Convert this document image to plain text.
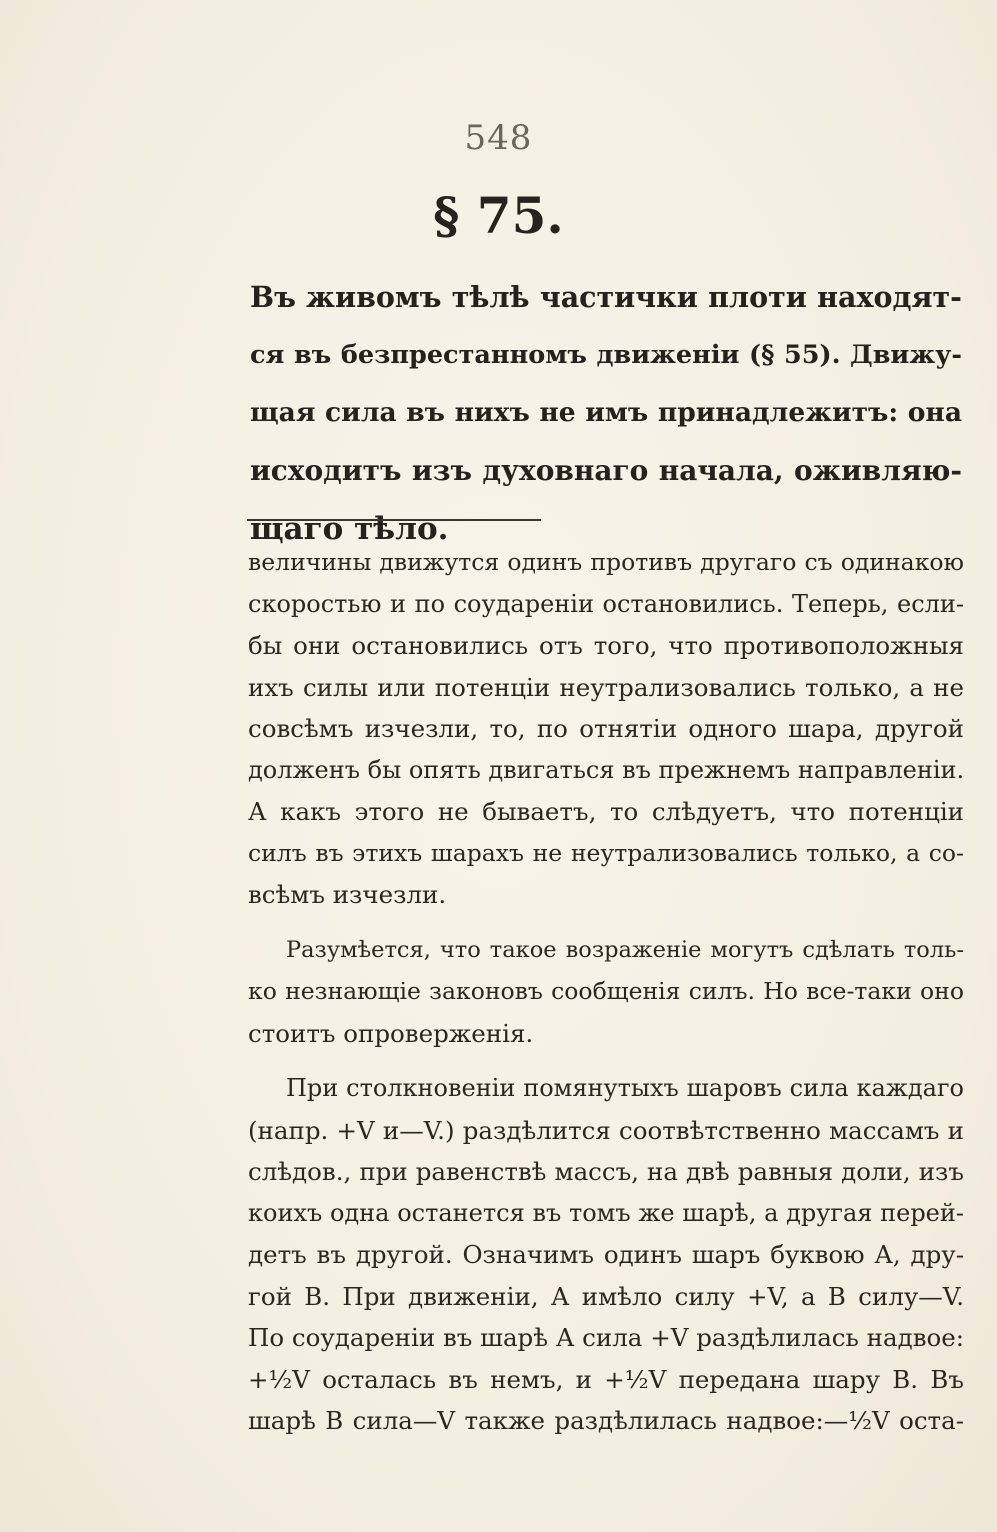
548
§ 75.
Въ живомъ тѣлѣ частички плоти находят-
ся въ безпрестанномъ движеніи (§ 55). Движу-
щая сила въ нихъ не имъ принадлежитъ: она
исходитъ изъ духовнаго начала, оживляю-
щаго тѣло.
величины движутся одинъ противъ другаго съ одинакою
скоростью и по соудареніи остановились. Теперь, если-
бы они остановились отъ того, что противоположныя
ихъ силы или потенціи неутрализовались только, а не
совсѣмъ изчезли, то, по отнятіи одного шара, другой
долженъ бы опять двигаться въ прежнемъ направленіи.
А какъ этого не бываетъ, то слѣдуетъ, что потенціи
силъ въ этихъ шарахъ не неутрализовались только, а со-
всѣмъ изчезли.
Разумѣется, что такое возраженіе могутъ сдѣлать толь-
ко незнающіе законовъ сообщенія силъ. Но все-таки оно
стоитъ опроверженія.
При столкновеніи помянутыхъ шаровъ сила каждаго
(напр. +V и—V.) раздѣлится соотвѣтственно массамъ и
слѣдов., при равенствѣ массъ, на двѣ равныя доли, изъ
коихъ одна останется въ томъ же шарѣ, а другая перей-
детъ въ другой. Означимъ одинъ шаръ буквою А, дру-
гой В. При движеніи, А имѣло силу +V, а В силу—V.
По соудареніи въ шарѣ А сила +V раздѣлилась надвое:
+½V осталась въ немъ, и +½V передана шару В. Въ
шарѣ В сила—V также раздѣлилась надвое:—½V оста-
